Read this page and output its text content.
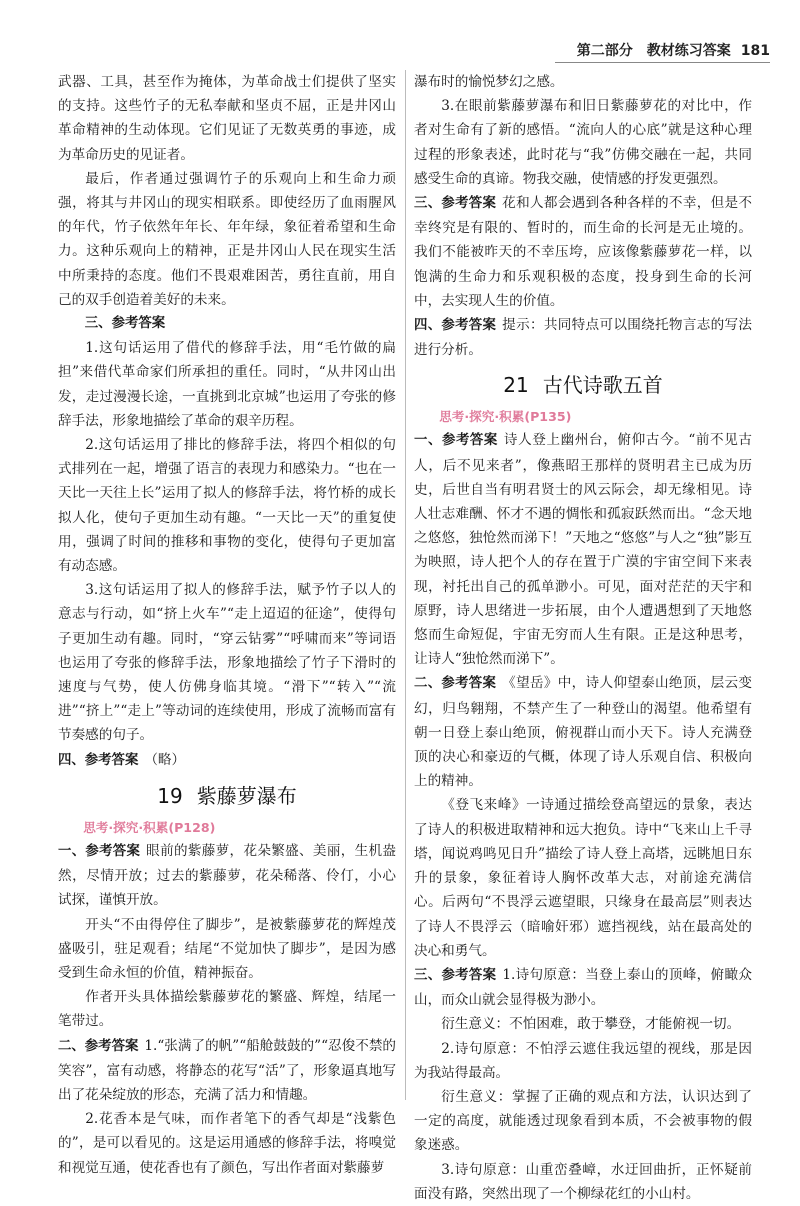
第二部分　教材练习答案 181

武器、工具，甚至作为掩体，为革命战士们提供了坚实的支持。这些竹子的无私奉献和坚贞不屈，正是井冈山革命精神的生动体现。它们见证了无数英勇的事迹，成为革命历史的见证者。

最后，作者通过强调竹子的乐观向上和生命力顽强，将其与井冈山的现实相联系。即使经历了血雨腥风的年代，竹子依然年年长、年年绿，象征着希望和生命力。这种乐观向上的精神，正是井冈山人民在现实生活中所秉持的态度。他们不畏艰难困苦，勇往直前，用自己的双手创造着美好的未来。

三、参考答案

1.这句话运用了借代的修辞手法，用“毛竹做的扁担”来借代革命家们所承担的重任。同时，“从井冈山出发，走过漫漫长途，一直挑到北京城”也运用了夸张的修辞手法，形象地描绘了革命的艰辛历程。

2.这句话运用了排比的修辞手法，将四个相似的句式排列在一起，增强了语言的表现力和感染力。“也在一天比一天往上长”运用了拟人的修辞手法，将竹桥的成长拟人化，使句子更加生动有趣。“一天比一天”的重复使用，强调了时间的推移和事物的变化，使得句子更加富有动态感。

3.这句话运用了拟人的修辞手法，赋予竹子以人的意志与行动，如“挤上火车”“走上迢迢的征途”，使得句子更加生动有趣。同时，“穿云钻雾”“呼啸而来”等词语也运用了夸张的修辞手法，形象地描绘了竹子下滑时的速度与气势，使人仿佛身临其境。“滑下”“转入”“流进”“挤上”“走上”等动词的连续使用，形成了流畅而富有节奏感的句子。

四、参考答案 （略）

19 紫藤萝瀑布

思考·探究·积累(P128)

一、参考答案 眼前的紫藤萝，花朵繁盛、美丽，生机盎然，尽情开放；过去的紫藤萝，花朵稀落、伶仃，小心试探，谨慎开放。

开头“不由得停住了脚步”，是被紫藤萝花的辉煌茂盛吸引，驻足观看；结尾“不觉加快了脚步”，是因为感受到生命永恒的价值，精神振奋。

作者开头具体描绘紫藤萝花的繁盛、辉煌，结尾一笔带过。

二、参考答案 1.“张满了的帆”“船舱鼓鼓的”“忍俊不禁的笑容”，富有动感，将静态的花写“活”了，形象逼真地写出了花朵绽放的形态，充满了活力和情趣。

2.花香本是气味，而作者笔下的香气却是“浅紫色的”，是可以看见的。这是运用通感的修辞手法，将嗅觉和视觉互通，使花香也有了颜色，写出作者面对紫藤萝

瀑布时的愉悦梦幻之感。

3.在眼前紫藤萝瀑布和旧日紫藤萝花的对比中，作者对生命有了新的感悟。“流向人的心底”就是这种心理过程的形象表述，此时花与“我”仿佛交融在一起，共同感受生命的真谛。物我交融，使情感的抒发更强烈。

三、参考答案 花和人都会遇到各种各样的不幸，但是不幸终究是有限的、暂时的，而生命的长河是无止境的。我们不能被昨天的不幸压垮，应该像紫藤萝花一样，以饱满的生命力和乐观积极的态度，投身到生命的长河中，去实现人生的价值。

四、参考答案 提示：共同特点可以围绕托物言志的写法进行分析。

21 古代诗歌五首

思考·探究·积累(P135)

一、参考答案 诗人登上幽州台，俯仰古今。“前不见古人，后不见来者”，像燕昭王那样的贤明君主已成为历史，后世自当有明君贤士的风云际会，却无缘相见。诗人壮志难酬、怀才不遇的惆怅和孤寂跃然而出。“念天地之悠悠，独怆然而涕下！”天地之“悠悠”与人之“独”影互为映照，诗人把个人的存在置于广漠的宇宙空间下来表现，衬托出自己的孤单渺小。可见，面对茫茫的天宇和原野，诗人思绪进一步拓展，由个人遭遇想到了天地悠悠而生命短促，宇宙无穷而人生有限。正是这种思考，让诗人“独怆然而涕下”。

二、参考答案 《望岳》中，诗人仰望泰山绝顶，层云变幻，归鸟翱翔，不禁产生了一种登山的渴望。他希望有朝一日登上泰山绝顶，俯视群山而小天下。诗人充满登顶的决心和豪迈的气概，体现了诗人乐观自信、积极向上的精神。

《登飞来峰》一诗通过描绘登高望远的景象，表达了诗人的积极进取精神和远大抱负。诗中“飞来山上千寻塔，闻说鸡鸣见日升”描绘了诗人登上高塔，远眺旭日东升的景象，象征着诗人胸怀改革大志，对前途充满信心。后两句“不畏浮云遮望眼，只缘身在最高层”则表达了诗人不畏浮云（暗喻奸邪）遮挡视线，站在最高处的决心和勇气。

三、参考答案 1.诗句原意：当登上泰山的顶峰，俯瞰众山，而众山就会显得极为渺小。

衍生意义：不怕困难，敢于攀登，才能俯视一切。

2.诗句原意：不怕浮云遮住我远望的视线，那是因为我站得最高。

衍生意义：掌握了正确的观点和方法，认识达到了一定的高度，就能透过现象看到本质，不会被事物的假象迷惑。

3.诗句原意：山重峦叠嶂，水迂回曲折，正怀疑前面没有路，突然出现了一个柳绿花红的小山村。
